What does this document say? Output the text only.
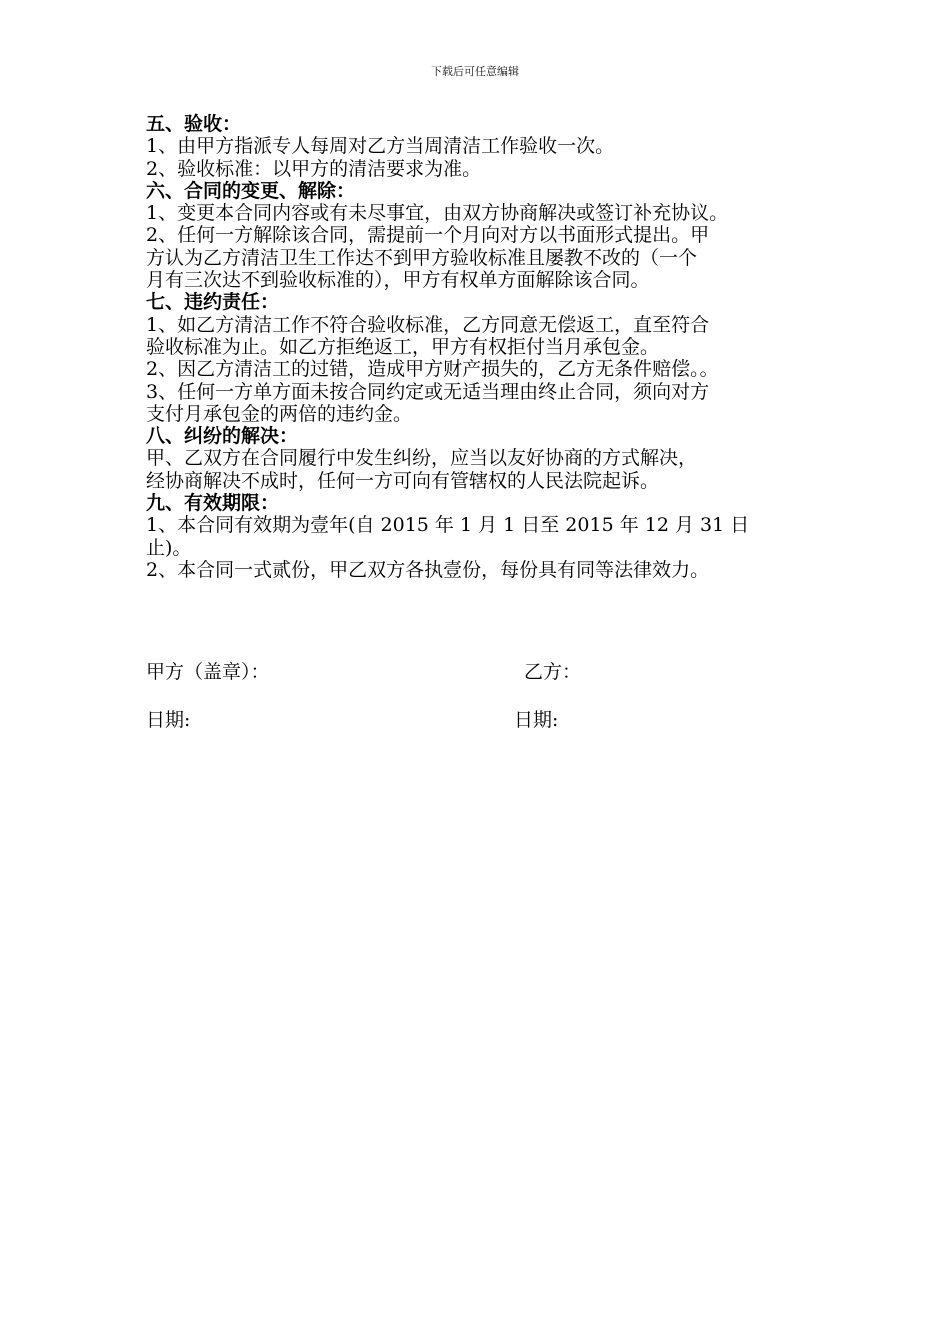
下载后可任意编辑

五、验收：

1、由甲方指派专人每周对乙方当周清洁工作验收一次。

2、验收标准：以甲方的清洁要求为准。

六、合同的变更、解除：

1、变更本合同内容或有未尽事宜，由双方协商解决或签订补充协议。

2、任何一方解除该合同，需提前一个月向对方以书面形式提出。甲

方认为乙方清洁卫生工作达不到甲方验收标准且屡教不改的（一个

月有三次达不到验收标准的），甲方有权单方面解除该合同。

七、违约责任：

1、如乙方清洁工作不符合验收标准，乙方同意无偿返工，直至符合

验收标准为止。如乙方拒绝返工，甲方有权拒付当月承包金。

2、因乙方清洁工的过错，造成甲方财产损失的，乙方无条件赔偿。。

3、任何一方单方面未按合同约定或无适当理由终止合同，须向对方

支付月承包金的两倍的违约金。

八、纠纷的解决：

甲、乙双方在合同履行中发生纠纷，应当以友好协商的方式解决，

经协商解决不成时，任何一方可向有管辖权的人民法院起诉。

九、有效期限：

1、本合同有效期为壹年(自 2015 年 1 月 1 日至 2015 年 12 月 31 日

止)。

2、本合同一式贰份，甲乙双方各执壹份，每份具有同等法律效力。

甲方（盖章）：	乙方：
日期:	日期:
